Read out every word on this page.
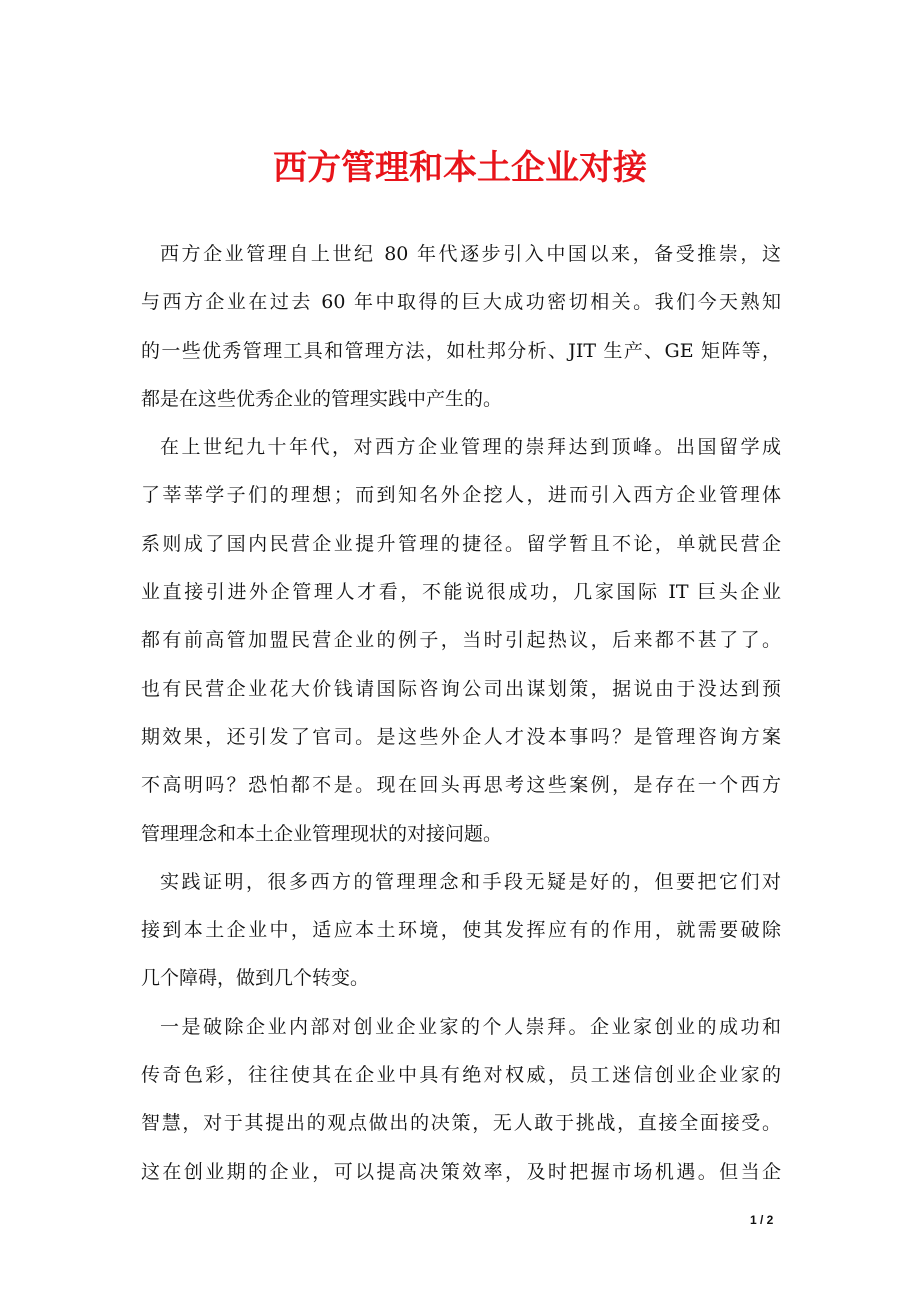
西方管理和本土企业对接
西方企业管理自上世纪 80 年代逐步引入中国以来，备受推崇，这
与西方企业在过去 60 年中取得的巨大成功密切相关。我们今天熟知
的一些优秀管理工具和管理方法，如杜邦分析、JIT 生产、GE 矩阵等，
都是在这些优秀企业的管理实践中产生的。
在上世纪九十年代，对西方企业管理的崇拜达到顶峰。出国留学成
了莘莘学子们的理想；而到知名外企挖人，进而引入西方企业管理体
系则成了国内民营企业提升管理的捷径。留学暂且不论，单就民营企
业直接引进外企管理人才看，不能说很成功，几家国际 IT 巨头企业
都有前高管加盟民营企业的例子，当时引起热议，后来都不甚了了。
也有民营企业花大价钱请国际咨询公司出谋划策，据说由于没达到预
期效果，还引发了官司。是这些外企人才没本事吗？是管理咨询方案
不高明吗？恐怕都不是。现在回头再思考这些案例，是存在一个西方
管理理念和本土企业管理现状的对接问题。
实践证明，很多西方的管理理念和手段无疑是好的，但要把它们对
接到本土企业中，适应本土环境，使其发挥应有的作用，就需要破除
几个障碍，做到几个转变。
一是破除企业内部对创业企业家的个人崇拜。企业家创业的成功和
传奇色彩，往往使其在企业中具有绝对权威，员工迷信创业企业家的
智慧，对于其提出的观点做出的决策，无人敢于挑战，直接全面接受。
这在创业期的企业，可以提高决策效率，及时把握市场机遇。但当企
1 / 2
